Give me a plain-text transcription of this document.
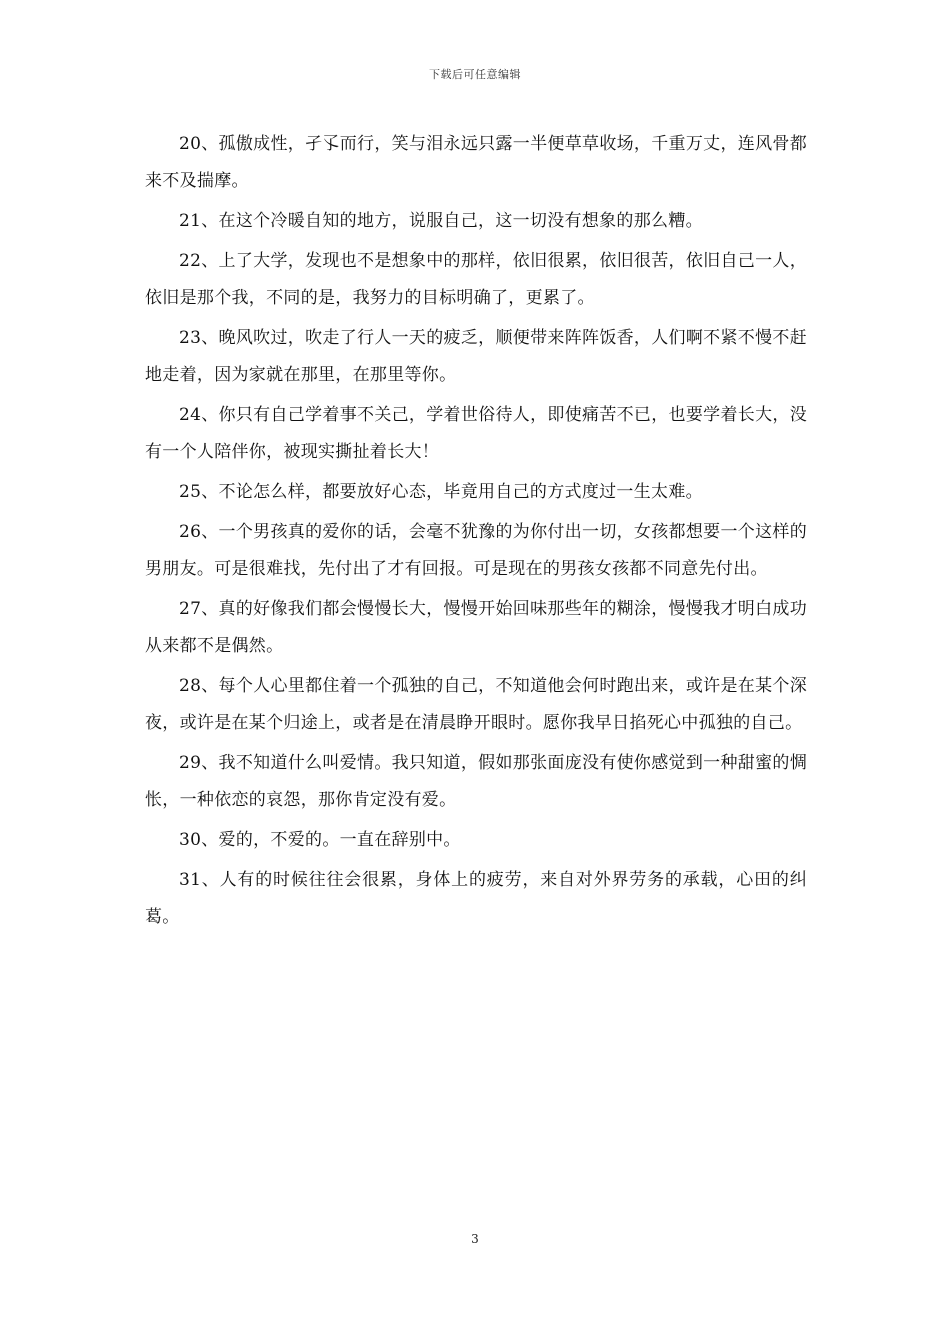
下载后可任意编辑

20、孤傲成性，孑孓而行，笑与泪永远只露一半便草草收场，千重万丈，连风骨都来不及揣摩。

21、在这个冷暖自知的地方，说服自己，这一切没有想象的那么糟。

22、上了大学，发现也不是想象中的那样，依旧很累，依旧很苦，依旧自己一人，依旧是那个我，不同的是，我努力的目标明确了，更累了。

23、晚风吹过，吹走了行人一天的疲乏，顺便带来阵阵饭香，人们啊不紧不慢不赶地走着，因为家就在那里，在那里等你。

24、你只有自己学着事不关己，学着世俗待人，即使痛苦不已，也要学着长大，没有一个人陪伴你，被现实撕扯着长大！

25、不论怎么样，都要放好心态，毕竟用自己的方式度过一生太难。

26、一个男孩真的爱你的话，会毫不犹豫的为你付出一切，女孩都想要一个这样的男朋友。可是很难找，先付出了才有回报。可是现在的男孩女孩都不同意先付出。

27、真的好像我们都会慢慢长大，慢慢开始回味那些年的糊涂，慢慢我才明白成功从来都不是偶然。

28、每个人心里都住着一个孤独的自己，不知道他会何时跑出来，或许是在某个深夜，或许是在某个归途上，或者是在清晨睁开眼时。愿你我早日掐死心中孤独的自己。

29、我不知道什么叫爱情。我只知道，假如那张面庞没有使你感觉到一种甜蜜的惆怅，一种依恋的哀怨，那你肯定没有爱。

30、爱的，不爱的。一直在辞别中。

31、人有的时候往往会很累，身体上的疲劳，来自对外界劳务的承载，心田的纠葛。

3
